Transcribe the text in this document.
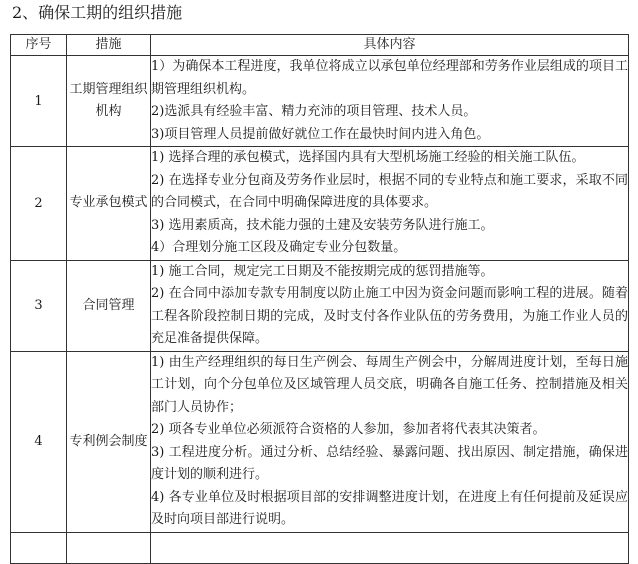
2、确保工期的组织措施
序号	措施	具体内容
1	工期管理组织机构	1）为确保本工程进度，我单位将成立以承包单位经理部和劳务作业层组成的项目工期管理组织机构。

2)选派具有经验丰富、精力充沛的项目管理、技术人员。

3)项目管理人员提前做好就位工作在最快时间内进入角色。

2	专业承包模式	1) 选择合理的承包模式，选择国内具有大型机场施工经验的相关施工队伍。

2) 在选择专业分包商及劳务作业层时，根据不同的专业特点和施工要求，采取不同的合同模式，在合同中明确保障进度的具体要求。

3) 选用素质高，技术能力强的土建及安装劳务队进行施工。

4）合理划分施工区段及确定专业分包数量。

3	合同管理	1) 施工合同，规定完工日期及不能按期完成的惩罚措施等。

2) 在合同中添加专款专用制度以防止施工中因为资金问题而影响工程的进展。随着工程各阶段控制日期的完成，及时支付各作业队伍的劳务费用，为施工作业人员的充足准备提供保障。

4	专利例会制度	1) 由生产经理组织的每日生产例会、每周生产例会中，分解周进度计划，至每日施工计划，向个分包单位及区域管理人员交底，明确各自施工任务、控制措施及相关部门人员协作；

2) 项各专业单位必须派符合资格的人参加，参加者将代表其决策者。

3) 工程进度分析。通过分析、总结经验、暴露问题、找出原因、制定措施，确保进度计划的顺利进行。

4) 各专业单位及时根据项目部的安排调整进度计划，在进度上有任何提前及延误应及时向项目部进行说明。
